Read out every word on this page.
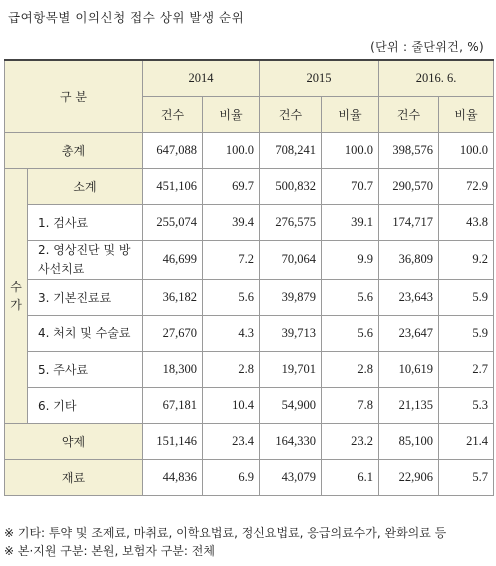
급여항목별 이의신청 접수 상위 발생 순위
(단위 : 줄단위건, %)
구 분		2014		2015		2016. 6.	
		건수	비율	건수	비율	건수	비율
총계		647,088	100.0	708,241	100.0	398,576	100.0
수 가	소계	451,106	69.7	500,832	70.7	290,570	72.9
	1. 검사료	255,074	39.4	276,575	39.1	174,717	43.8
	2. 영상진단 및 방사선치료	46,699	7.2	70,064	9.9	36,809	9.2
	3. 기본진료료	36,182	5.6	39,879	5.6	23,643	5.9
	4. 처치 및 수술료	27,670	4.3	39,713	5.6	23,647	5.9
	5. 주사료	18,300	2.8	19,701	2.8	10,619	2.7
	6. 기타	67,181	10.4	54,900	7.8	21,135	5.3
약제		151,146	23.4	164,330	23.2	85,100	21.4
재료		44,836	6.9	43,079	6.1	22,906	5.7
※ 기타: 투약 및 조제료, 마취료, 이학요법료, 정신요법료, 응급의료수가, 완화의료 등
※ 본·지원 구분: 본원, 보험자 구분: 전체
